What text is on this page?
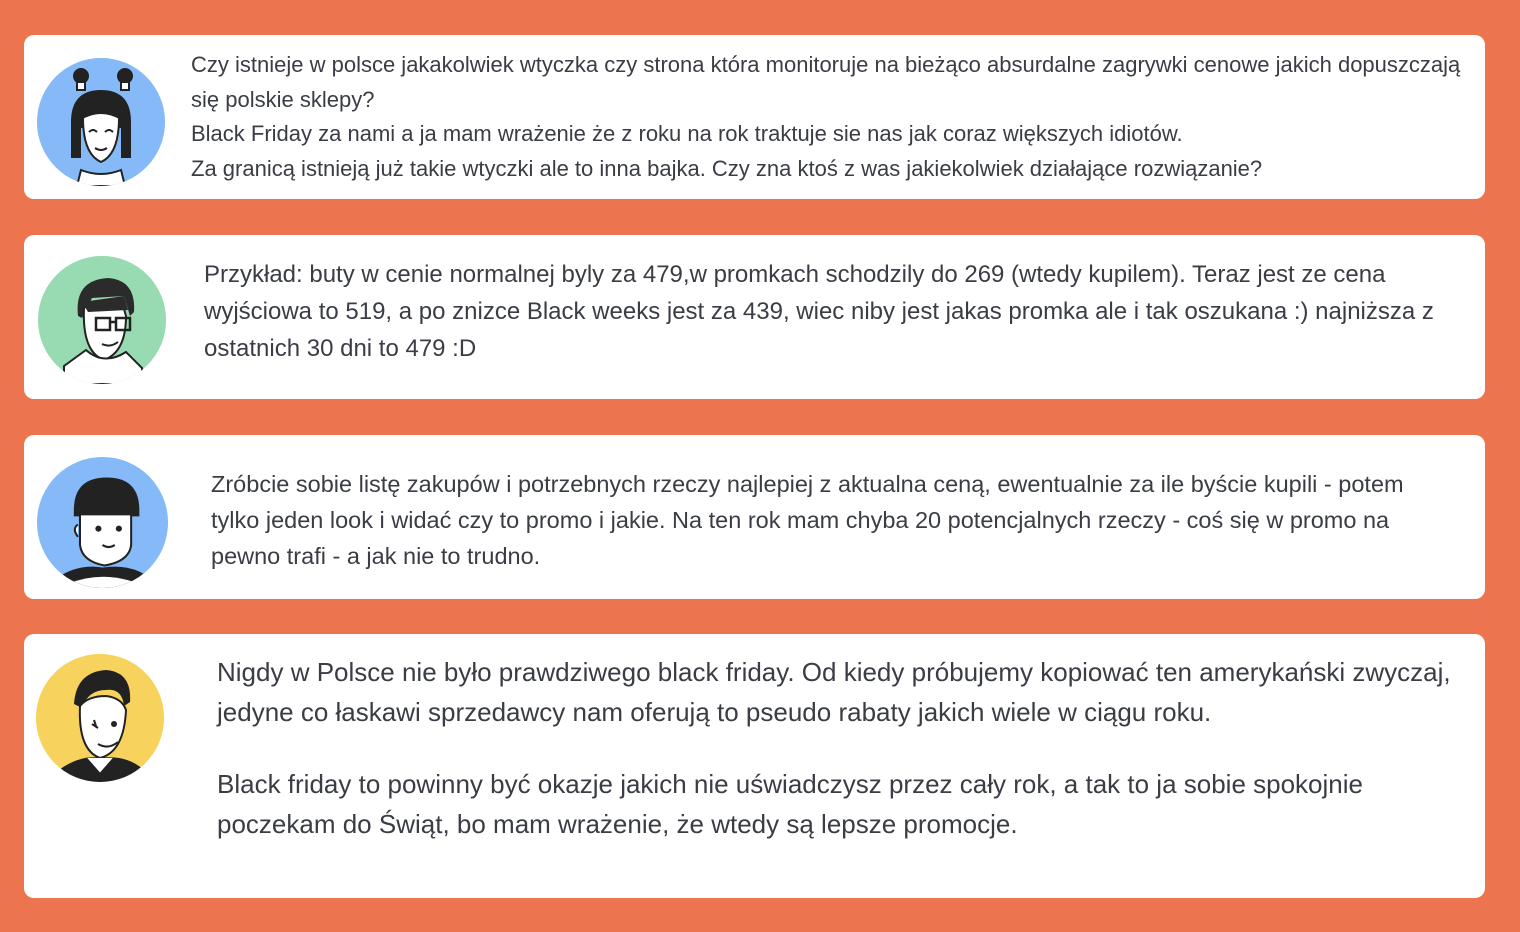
Czy istnieje w polsce jakakolwiek wtyczka czy strona która monitoruje na bieżąco absurdalne zagrywki cenowe jakich dopuszczają się polskie sklepy?

Black Friday za nami a ja mam wrażenie że z roku na rok traktuje sie nas jak coraz większych idiotów.

Za granicą istnieją już takie wtyczki ale to inna bajka. Czy zna ktoś z was jakiekolwiek działające rozwiązanie?

Przykład: buty w cenie normalnej byly za 479,w promkach schodzily do 269 (wtedy kupilem). Teraz jest ze cena wyjściowa to 519, a po znizce Black weeks jest za 439, wiec niby jest jakas promka ale i tak oszukana :) najniższa z ostatnich 30 dni to 479 :D

Zróbcie sobie listę zakupów i potrzebnych rzeczy najlepiej z aktualna ceną, ewentualnie za ile byście kupili - potem tylko jeden look i widać czy to promo i jakie. Na ten rok mam chyba 20 potencjalnych rzeczy - coś się w promo na pewno trafi - a jak nie to trudno.

Nigdy w Polsce nie było prawdziwego black friday. Od kiedy próbujemy kopiować ten amerykański zwyczaj, jedyne co łaskawi sprzedawcy nam oferują to pseudo rabaty jakich wiele w ciągu roku.

Black friday to powinny być okazje jakich nie uświadczysz przez cały rok, a tak to ja sobie spokojnie poczekam do Świąt, bo mam wrażenie, że wtedy są lepsze promocje.
